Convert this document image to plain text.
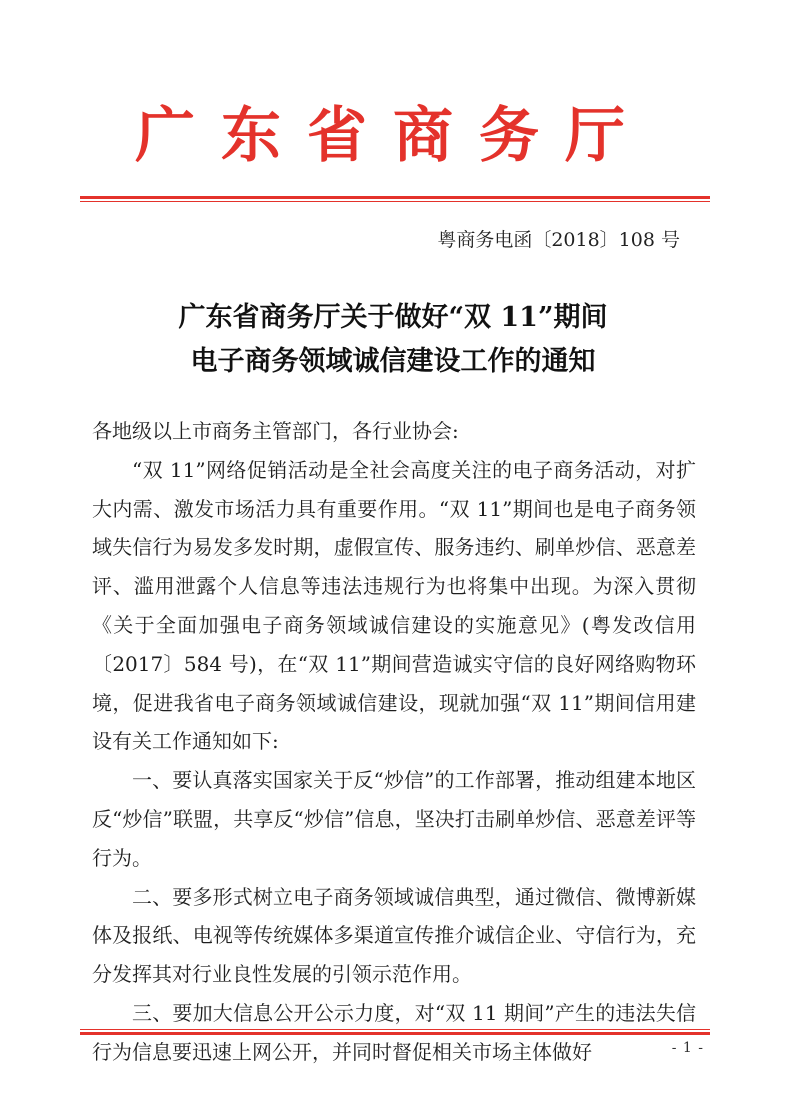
广东省商务厅
粤商务电函〔2018〕108 号
广东省商务厅关于做好“双 11”期间
电子商务领域诚信建设工作的通知

各地级以上市商务主管部门，各行业协会:

“双 11”网络促销活动是全社会高度关注的电子商务活动，对扩大内需、激发市场活力具有重要作用。“双 11”期间也是电子商务领域失信行为易发多发时期，虚假宣传、服务违约、刷单炒信、恶意差评、滥用泄露个人信息等违法违规行为也将集中出现。为深入贯彻《关于全面加强电子商务领域诚信建设的实施意见》(粤发改信用〔2017〕584 号)，在“双 11”期间营造诚实守信的良好网络购物环境，促进我省电子商务领域诚信建设，现就加强“双 11”期间信用建设有关工作通知如下:

一、要认真落实国家关于反“炒信”的工作部署，推动组建本地区反“炒信”联盟，共享反“炒信”信息，坚决打击刷单炒信、恶意差评等行为。

二、要多形式树立电子商务领域诚信典型，通过微信、微博新媒体及报纸、电视等传统媒体多渠道宣传推介诚信企业、守信行为，充分发挥其对行业良性发展的引领示范作用。

三、要加大信息公开公示力度，对“双 11 期间”产生的违法失信行为信息要迅速上网公开，并同时督促相关市场主体做好	- 1 -
